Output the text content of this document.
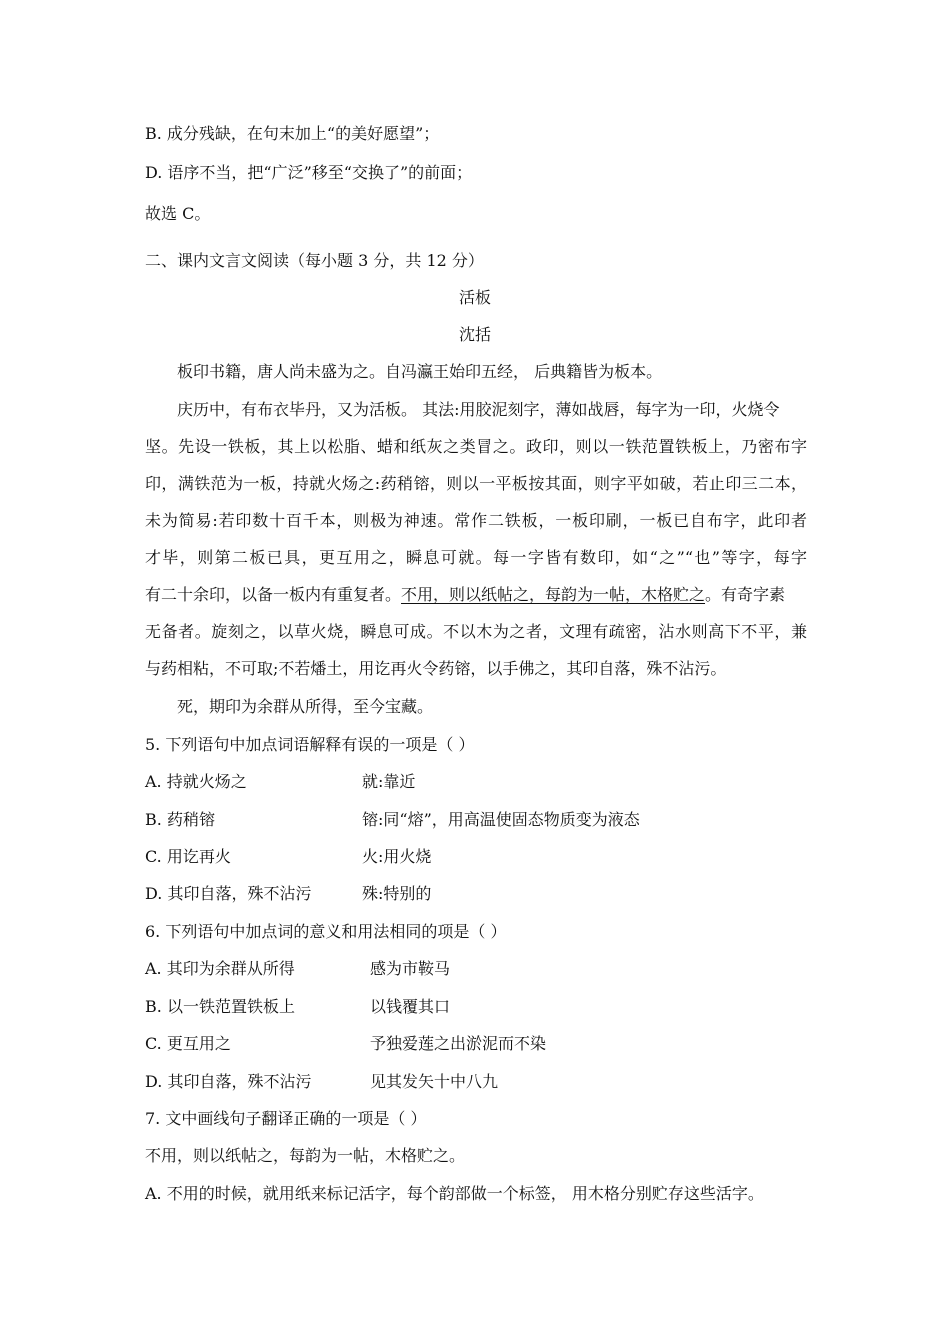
B. 成分残缺，在句末加上“的美好愿望”；
D. 语序不当，把“广泛”移至“交换了”的前面；
故选 C。
二、课内文言文阅读（每小题 3 分，共 12 分）
活板
沈括
板印书籍，唐人尚未盛为之。自冯瀛王始印五经， 后典籍皆为板本。
庆历中，有布衣毕丹，又为活板。 其法:用胶泥刻字，薄如战唇，每字为一印，火烧令
坚。先设一铁板，其上以松脂、蜡和纸灰之类冒之。政印，则以一铁范置铁板上，乃密布字
印，满铁范为一板，持就火炀之:药稍镕，则以一平板按其面，则字平如破，若止印三二本，
未为简易:若印数十百千本，则极为神速。常作二铁板，一板印刷，一板已自布字，此印者
才毕，则第二板已具，更互用之，瞬息可就。每一字皆有数印，如“之”“也”等字，每字
有二十余印，以备一板内有重复者。不用，则以纸帖之，每韵为一帖，木格贮之。有奇字素
无备者。旋刻之，以草火烧，瞬息可成。不以木为之者，文理有疏密，沾水则高下不平，兼
与药相粘，不可取;不若燔土，用讫再火令药镕，以手佛之，其印自落，殊不沾污。
死，期印为余群从所得，至今宝藏。
5. 下列语句中加点词语解释有误的一项是（ ）
A. 持就火炀之	就:靠近
B. 药稍镕	镕:同“熔”，用高温使固态物质变为液态
C. 用讫再火	火:用火烧
D. 其印自落，殊不沾污	殊:特别的
6. 下列语句中加点词的意义和用法相同的项是（ ）
A. 其印为余群从所得	感为市鞍马
B. 以一铁范置铁板上	以钱覆其口
C. 更互用之	予独爱莲之出淤泥而不染
D. 其印自落，殊不沾污	见其发矢十中八九
7. 文中画线句子翻译正确的一项是（ ）
不用，则以纸帖之，每韵为一帖，木格贮之。
A. 不用的时候，就用纸来标记活字，每个韵部做一个标签， 用木格分别贮存这些活字。
